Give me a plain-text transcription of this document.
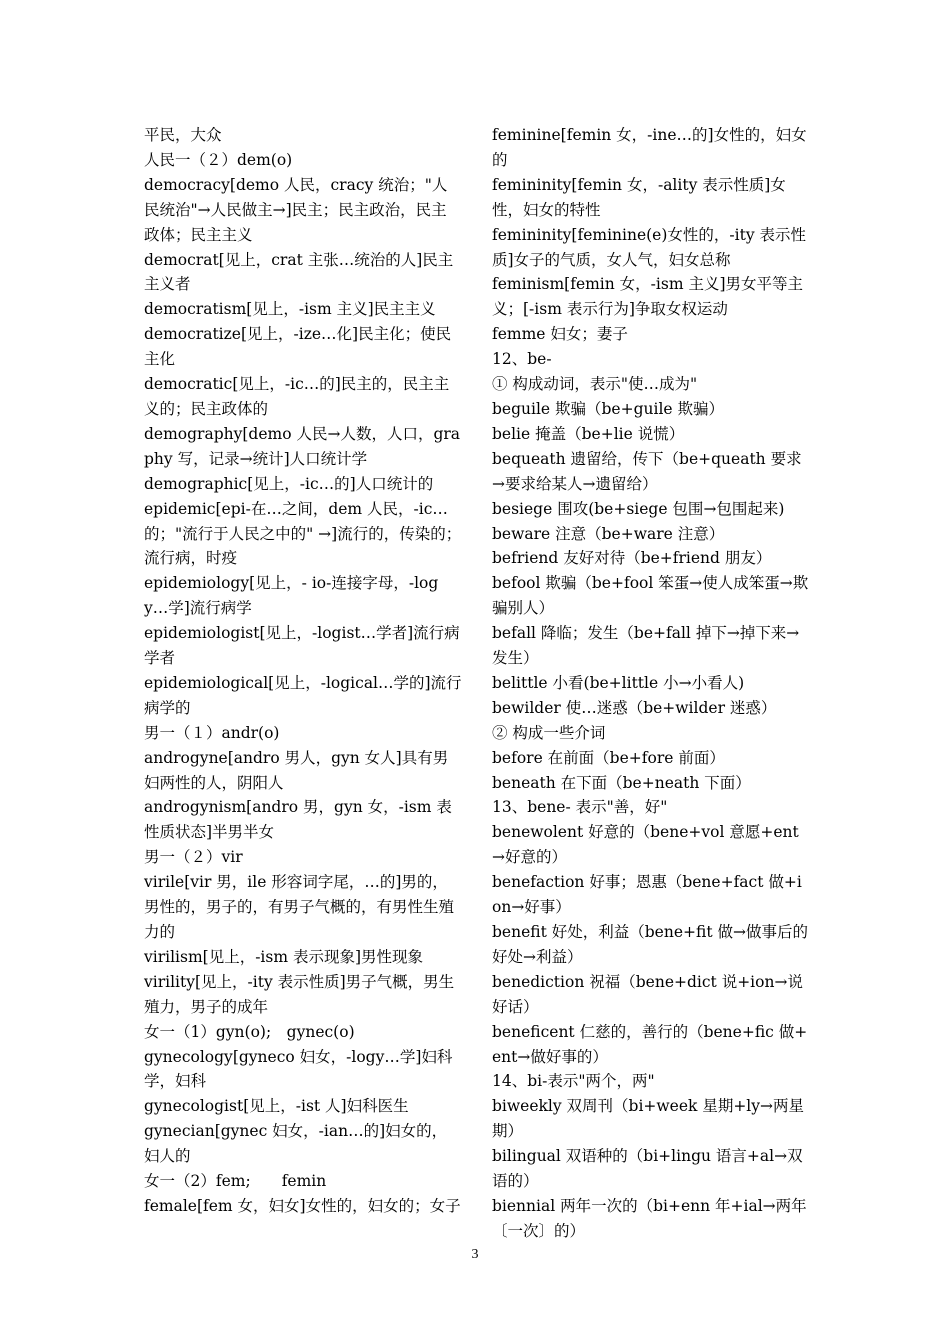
平民，大众

人民一（２）dem(o)

democracy[demo 人民，cracy 统治；"人民统治"→人民做主→]民主；民主政治，民主政体；民主主义

democrat[见上，crat 主张…统治的人]民主主义者

democratism[见上，-ism 主义]民主主义

democratize[见上，-ize…化]民主化；使民主化

democratic[见上，-ic…的]民主的，民主主义的；民主政体的

demography[demo 人民→人数，人口，graphy 写，记录→统计]人口统计学

demographic[见上，-ic…的]人口统计的

epidemic[epi-在…之间，dem 人民，-ic…的；"流行于人民之中的" →]流行的，传染的；流行病，时疫

epidemiology[见上，- io-连接字母，-logy…学]流行病学

epidemiologist[见上，-logist…学者]流行病学者

epidemiological[见上，-logical…学的]流行病学的

男一（１）andr(o)

androgyne[andro 男人，gyn 女人]具有男妇两性的人，阴阳人

androgynism[andro 男，gyn 女，-ism 表性质状态]半男半女

男一（２）vir

virile[vir 男，ile 形容词字尾，…的]男的，男性的，男子的，有男子气概的，有男性生殖力的

virilism[见上，-ism 表示现象]男性现象

virility[见上，-ity 表示性质]男子气概，男生殖力，男子的成年

女一（1）gyn(o);　gynec(o)

gynecology[gyneco 妇女，-logy…学]妇科学，妇科

gynecologist[见上，-ist 人]妇科医生

gynecian[gynec 妇女，-ian…的]妇女的，妇人的

女一（2）fem;　　femin

female[fem 女，妇女]女性的，妇女的；女子

feminine[femin 女，-ine…的]女性的，妇女的

femininity[femin 女，-ality 表示性质]女性，妇女的特性

femininity[feminine(e)女性的，-ity 表示性质]女子的气质，女人气，妇女总称

feminism[femin 女，-ism 主义]男女平等主义；[-ism 表示行为]争取女权运动

femme 妇女；妻子

12、be-

① 构成动词，表示"使…成为"

beguile 欺骗（be+guile 欺骗）

belie 掩盖（be+lie 说慌）

bequeath 遗留给，传下（be+queath 要求→要求给某人→遗留给）

besiege 围攻(be+siege 包围→包围起来)

beware 注意（be+ware 注意）

befriend 友好对待（be+friend 朋友）

befool 欺骗（be+fool 笨蛋→使人成笨蛋→欺骗别人）

befall 降临；发生（be+fall 掉下→掉下来→发生）

belittle 小看(be+little 小→小看人)

bewilder 使…迷惑（be+wilder 迷惑）

② 构成一些介词

before 在前面（be+fore 前面）

beneath 在下面（be+neath 下面）

13、bene- 表示"善，好"

benewolent 好意的（bene+vol 意愿+ent→好意的）

benefaction 好事；恩惠（bene+fact 做+ion→好事）

benefit 好处，利益（bene+fit 做→做事后的好处→利益）

benediction 祝福（bene+dict 说+ion→说好话）

beneficent 仁慈的，善行的（bene+fic 做+ent→做好事的）

14、bi-表示"两个，两"

biweekly 双周刊（bi+week 星期+ly→两星期）

bilingual 双语种的（bi+lingu 语言+al→双语的）

biennial 两年一次的（bi+enn 年+ial→两年〔一次〕的）

3
